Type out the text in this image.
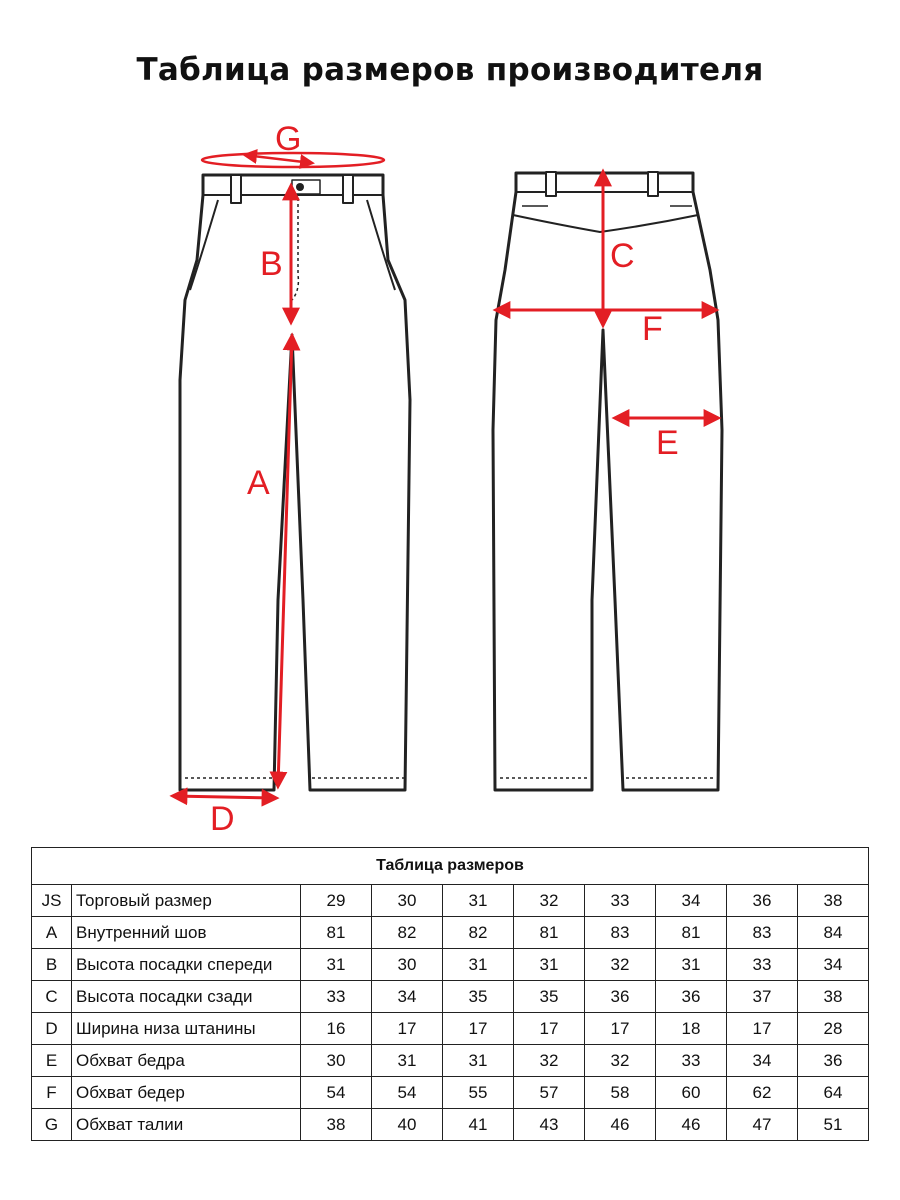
Таблица размеров производителя
G
B
A
D
C
F
E
Таблица размеров									
JS	Торговый размер	29	30	31	32	33	34	36	38
A	Внутренний шов	81	82	82	81	83	81	83	84
B	Высота посадки спереди	31	30	31	31	32	31	33	34
C	Высота посадки сзади	33	34	35	35	36	36	37	38
D	Ширина низа штанины	16	17	17	17	17	18	17	28
E	Обхват бедра	30	31	31	32	32	33	34	36
F	Обхват бедер	54	54	55	57	58	60	62	64
G	Обхват талии	38	40	41	43	46	46	47	51
